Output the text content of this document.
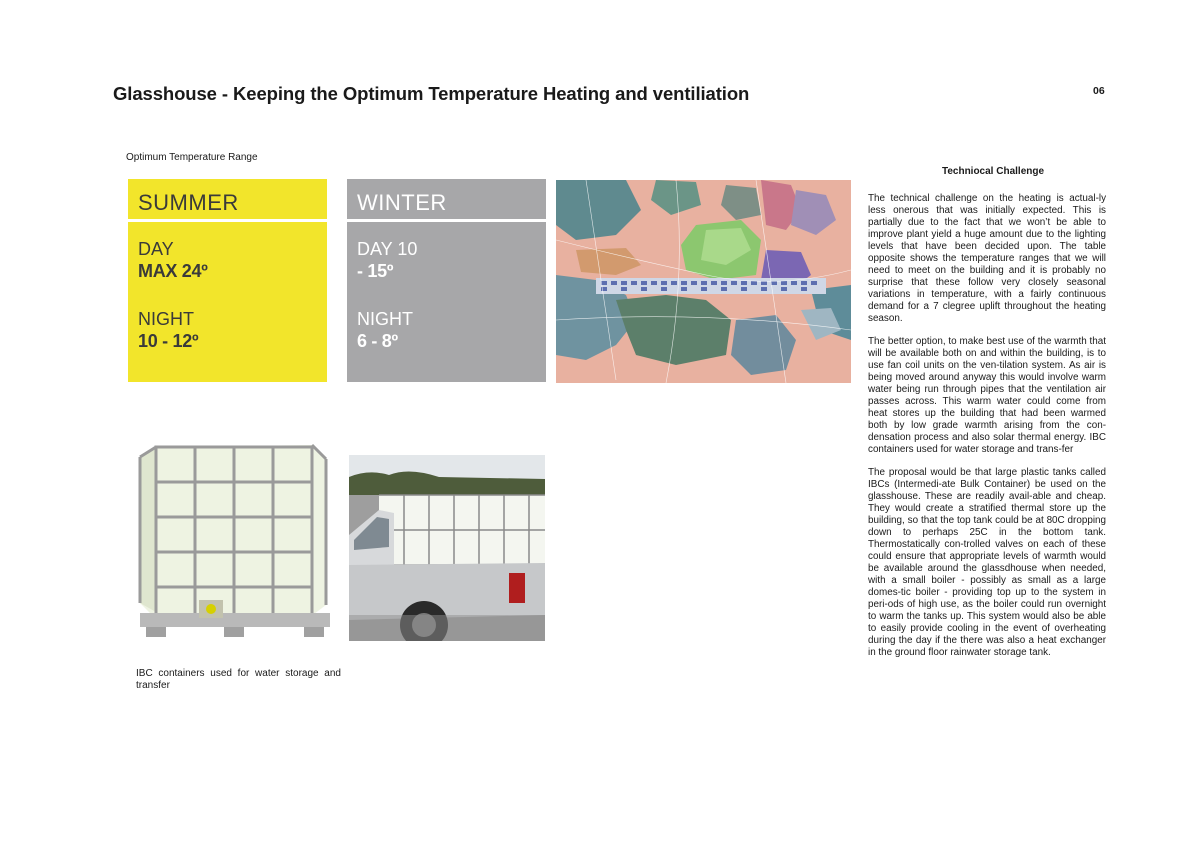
Glasshouse - Keeping the Optimum Temperature Heating and ventiliation	06
Optimum Temperature Range
SUMMER
DAY
MAX 24º
NIGHT
10 - 12º
WINTER
DAY 10
- 15º
NIGHT
6 - 8º
IBC containers used for water storage and transfer
Techniocal Challenge

The technical challenge on the heating is actual-ly less onerous that was initially expected. This is partially due to the fact that we won’t be able to improve plant yield a huge amount due to the lighting levels that have been decided upon. The table opposite shows the temperature ranges that we will need to meet on the building and it is probably no surprise that these follow very closely seasonal variations in temperature, with a fairly continuous demand for a 7 clegree uplift throughout the heating season.

The better option, to make best use of the warmth that will be available both on and within the building, is to use fan coil units on the ven-tilation system. As air is being moved around anyway this would involve warm water being run through pipes that the ventilation air passes across. This warm water could come from heat stores up the building that had been warmed both by low grade warmth arising from the con-densation process and also solar thermal energy. IBC containers used for water storage and trans-fer

The proposal would be that large plastic tanks called IBCs (Intermedi-ate Bulk Container) be used on the glasshouse. These are readily avail-able and cheap. They would create a stratified thermal store up the building, so that the top tank could be at 80C dropping down to perhaps 25C in the bottom tank. Thermostatically con-trolled valves on each of these could ensure that appropriate levels of warmth would be available around the glassdhouse when needed, with a small boiler - possibly as small as a large domes-tic boiler - providing top up to the system in peri-ods of high use, as the boiler could run overnight to warm the tanks up. This system would also be able to easily provide cooling in the event of overheating during the day if the there was also a heat exchanger in the ground floor rainwater storage tank.
